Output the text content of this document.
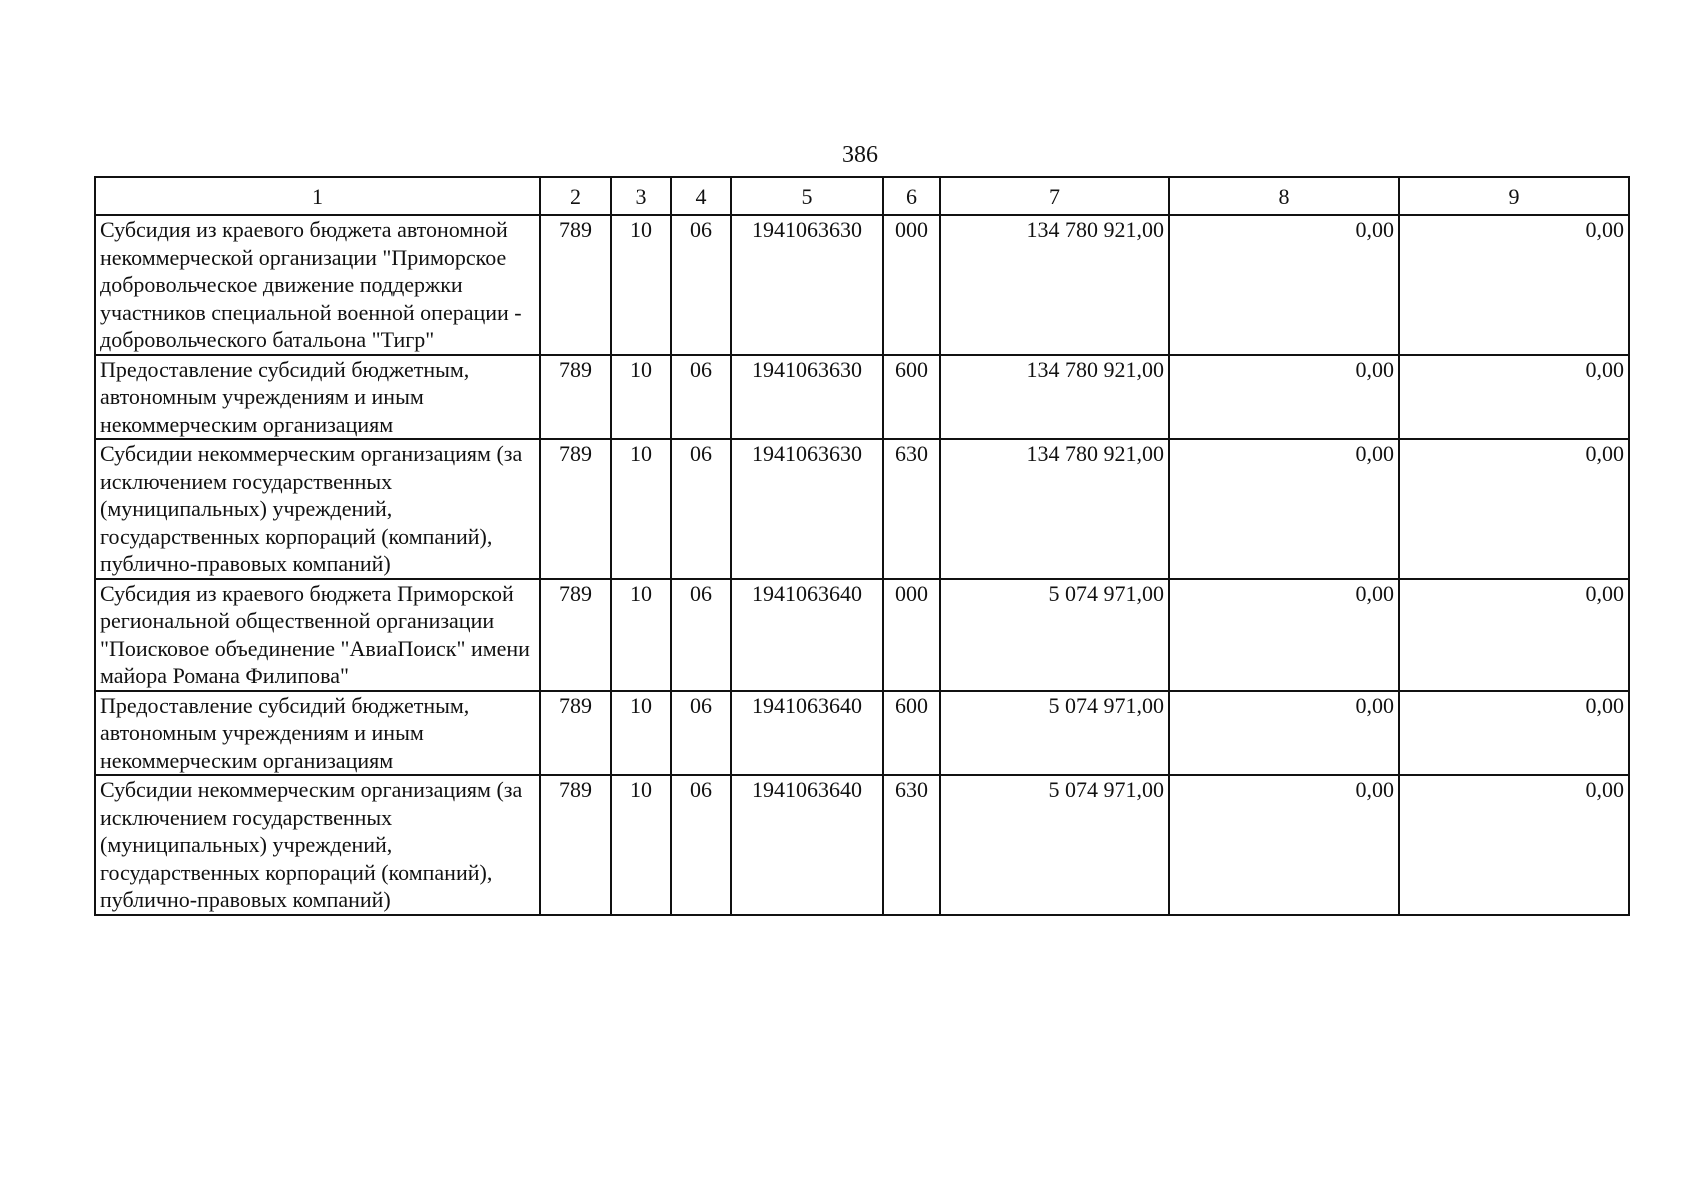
386
1	2	3	4	5	6	7	8	9
Субсидия из краевого бюджета автономной некоммерческой организации "Приморское добровольческое движение поддержки участников специальной военной операции - добровольческого батальона "Тигр"	789	10	06	1941063630	000	134 780 921,00	0,00	0,00
Предоставление субсидий бюджетным, автономным учреждениям и иным некоммерческим организациям	789	10	06	1941063630	600	134 780 921,00	0,00	0,00
Субсидии некоммерческим организациям (за исключением государственных (муниципальных) учреждений, государственных корпораций (компаний), публично-правовых компаний)	789	10	06	1941063630	630	134 780 921,00	0,00	0,00
Субсидия из краевого бюджета Приморской региональной общественной организации "Поисковое объединение "АвиаПоиск" имени майора Романа Филипова"	789	10	06	1941063640	000	5 074 971,00	0,00	0,00
Предоставление субсидий бюджетным, автономным учреждениям и иным некоммерческим организациям	789	10	06	1941063640	600	5 074 971,00	0,00	0,00
Субсидии некоммерческим организациям (за исключением государственных (муниципальных) учреждений, государственных корпораций (компаний), публично-правовых компаний)	789	10	06	1941063640	630	5 074 971,00	0,00	0,00
